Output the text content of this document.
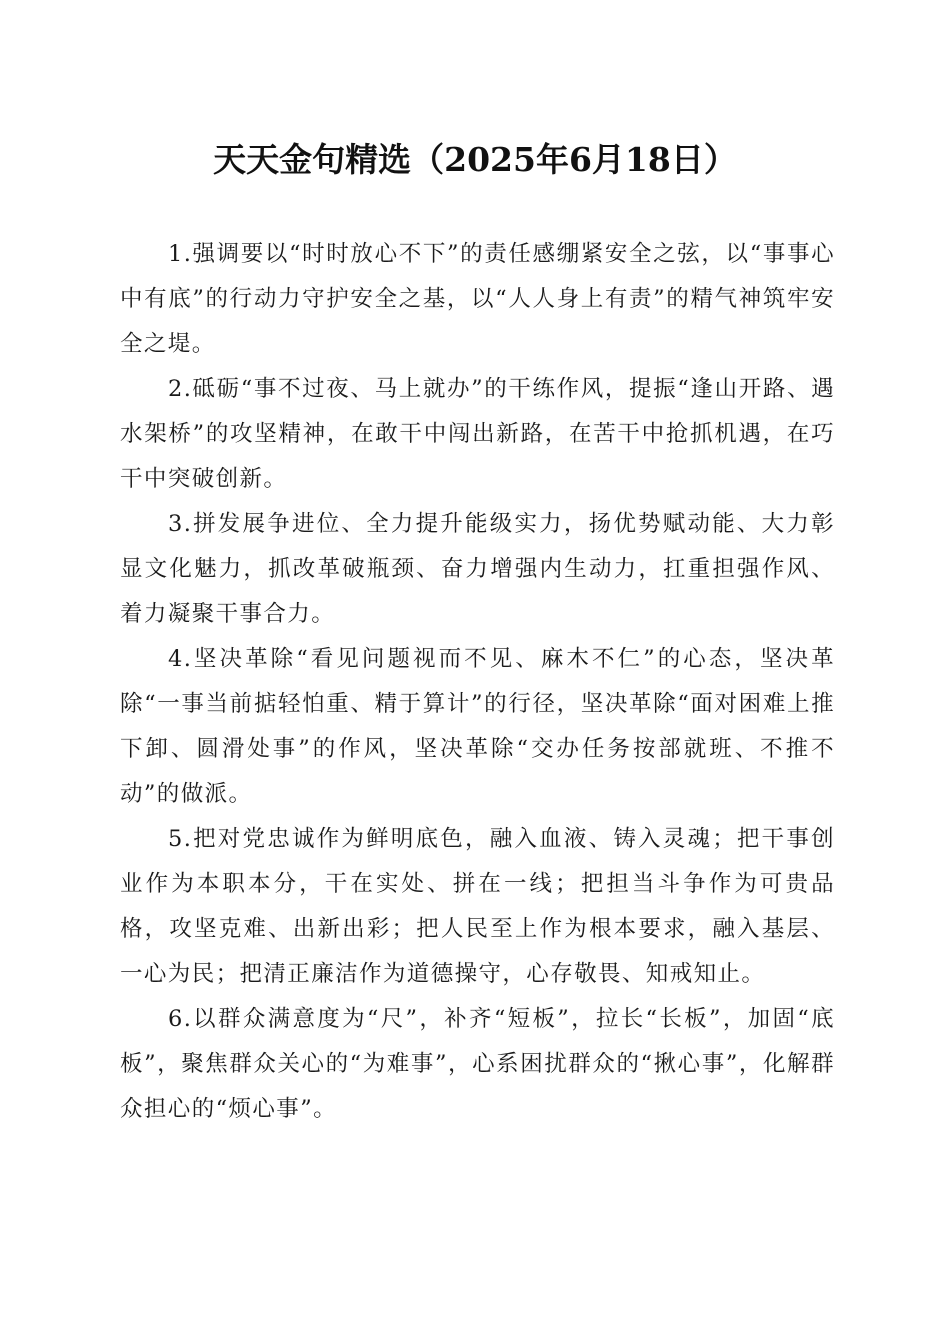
天天金句精选（2025年6月18日）

1.强调要以“时时放心不下”的责任感绷紧安全之弦，以“事事心中有底”的行动力守护安全之基，以“人人身上有责”的精气神筑牢安全之堤。

2.砥砺“事不过夜、马上就办”的干练作风，提振“逢山开路、遇水架桥”的攻坚精神，在敢干中闯出新路，在苦干中抢抓机遇，在巧干中突破创新。

3.拼发展争进位、全力提升能级实力，扬优势赋动能、大力彰显文化魅力，抓改革破瓶颈、奋力增强内生动力，扛重担强作风、着力凝聚干事合力。

4.坚决革除“看见问题视而不见、麻木不仁”的心态，坚决革除“一事当前掂轻怕重、精于算计”的行径，坚决革除“面对困难上推下卸、圆滑处事”的作风，坚决革除“交办任务按部就班、不推不动”的做派。

5.把对党忠诚作为鲜明底色，融入血液、铸入灵魂；把干事创业作为本职本分，干在实处、拼在一线；把担当斗争作为可贵品格，攻坚克难、出新出彩；把人民至上作为根本要求，融入基层、一心为民；把清正廉洁作为道德操守，心存敬畏、知戒知止。

6.以群众满意度为“尺”，补齐“短板”，拉长“长板”，加固“底板”，聚焦群众关心的“为难事”，心系困扰群众的“揪心事”，化解群众担心的“烦心事”。
